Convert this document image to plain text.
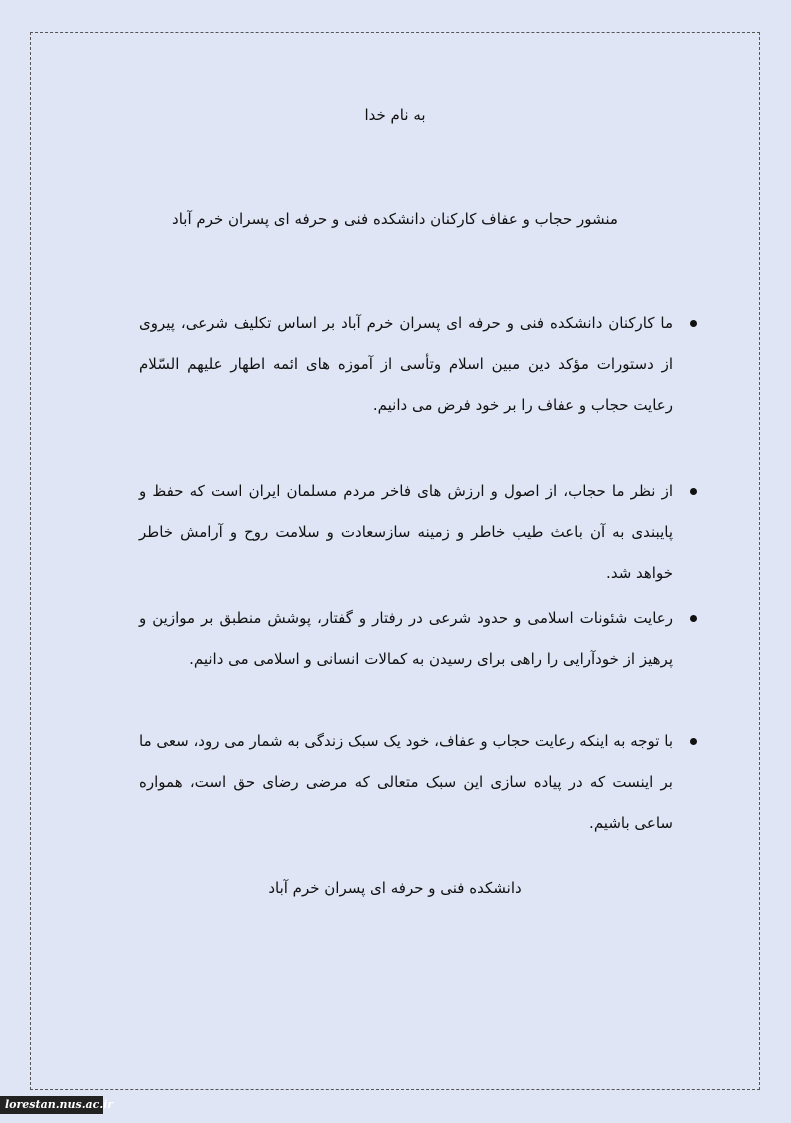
به نام خدا
منشور حجاب و عفاف کارکنان دانشکده فنی و حرفه ای پسران خرم آباد
ما کارکنان دانشکده فنی و حرفه ای پسران خرم آباد بر اساس تکلیف شرعی، پیروی از دستورات مؤکد دین مبین اسلام وتأسی از آموزه های ائمه اطهار علیهم السّلام رعایت حجاب و عفاف را بر خود فرض می دانیم.
از نظر ما حجاب، از اصول و ارزش های فاخر مردم مسلمان ایران است که حفظ و پایبندی به آن باعث طیب خاطر و زمینه سازسعادت و سلامت روح و آرامش خاطر خواهد شد.
رعایت شئونات اسلامی و حدود شرعی در رفتار و گفتار، پوشش منطبق بر موازین و پرهیز از خودآرایی را راهی برای رسیدن به کمالات انسانی و اسلامی می دانیم.
با توجه به اینکه رعایت حجاب و عفاف، خود یک سبک زندگی به شمار می رود، سعی ما بر اینست که در پیاده سازی این سبک متعالی که مرضی رضای حق است، همواره ساعی باشیم.
دانشکده فنی و حرفه ای پسران خرم آباد
lorestan.nus.ac.ir
